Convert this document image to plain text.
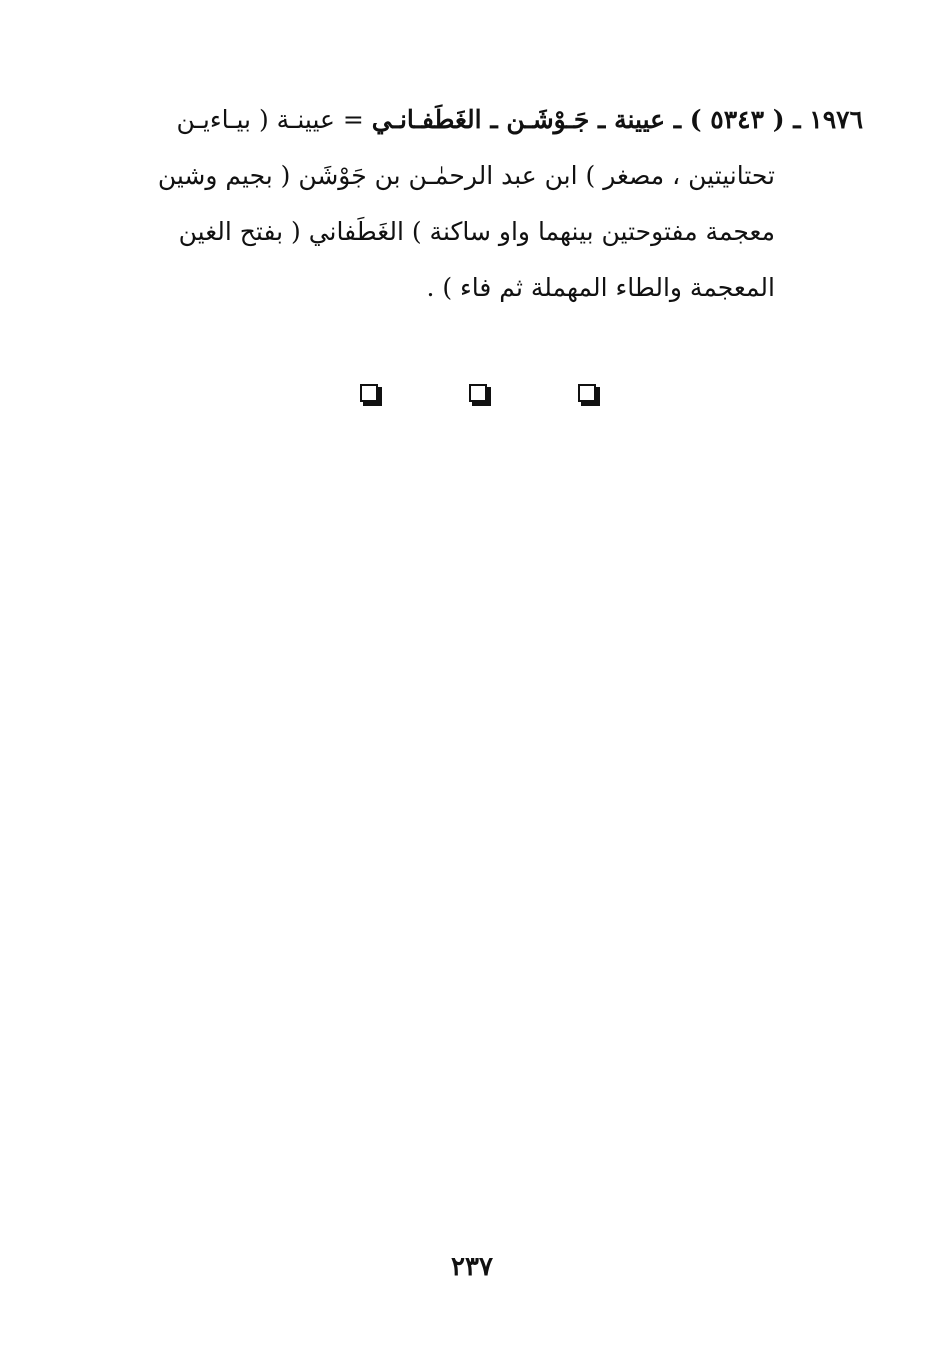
١٩٧٦ ـ ( ٥٣٤٣ ) ـ عيينة ـ جَـوْشَـن ـ الغَطَفـانـي = عيينـة ( بيـاءيـن
تحتانيتين ، مصغر ) ابن عبد الرحمٰـن بن جَوْشَن ( بجيم وشين
معجمة مفتوحتين بينهما واو ساكنة ) الغَطَفاني ( بفتح الغين
المعجمة والطاء المهملة ثم فاء ) .
٢٣٧
